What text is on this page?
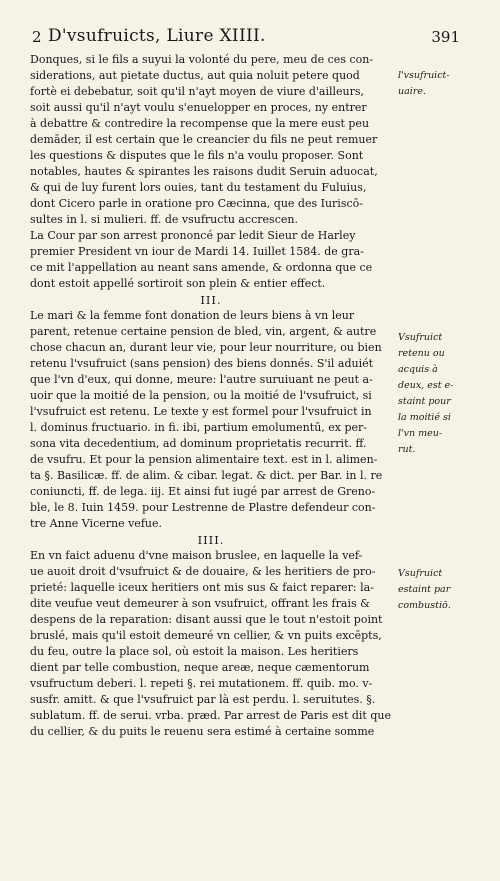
2 D'vsufruicts, Liure XIIII.	391
Donques, si le fils a suyui la volonté du pere, meu de ces con-
siderations, aut pietate ductus, aut quia noluit petere quod
fortè ei debebatur, soit qu'il n'ayt moyen de viure d'ailleurs,
soit aussi qu'il n'ayt voulu s'enuelopper en proces, ny entrer
à debattre & contredire la recompense que la mere eust peu
demāder, il est certain que le creancier du fils ne peut remuer
les questions & disputes que le fils n'a voulu proposer. Sont
notables, hautes & spirantes les raisons dudit Seruin aduocat,
& qui de luy furent lors ouies, tant du testament du Fuluius,
dont Cicero parle in oratione pro Cæcinna, que des Iuriscō-
sultes in l. si mulieri. ff. de vsufructu accrescen.
La Cour par son arrest prononcé par ledit Sieur de Harley
premier President vn iour de Mardi 14. Iuillet 1584. de gra-
ce mit l'appellation au neant sans amende, & ordonna que ce
dont estoit appellé sortiroit son plein & entier effect.
III.
Le mari & la femme font donation de leurs biens à vn leur
parent, retenue certaine pension de bled, vin, argent, & autre
chose chacun an, durant leur vie, pour leur nourriture, ou bien
retenu l'vsufruict (sans pension) des biens donnés. S'il aduiét
que l'vn d'eux, qui donne, meure: l'autre suruiuant ne peut a-
uoir que la moitié de la pension, ou la moitié de l'vsufruict, si
l'vsufruict est retenu. Le texte y est formel pour l'vsufruict in
l. dominus fructuario. in fi. ibi, partium emolumentū, ex per-
sona vita decedentium, ad dominum proprietatis recurrit. ff.
de vsufru. Et pour la pension alimentaire text. est in l. alimen-
ta §. Basilicæ. ff. de alim. & cibar. legat. & dict. per Bar. in l. re
coniuncti, ff. de lega. iij. Et ainsi fut iugé par arrest de Greno-
ble, le 8. Iuin 1459. pour Lestrenne de Plastre defendeur con-
tre Anne Vicerne vefue.
IIII.
En vn faict aduenu d'vne maison bruslee, en laquelle la vef-
ue auoit droit d'vsufruict & de douaire, & les heritiers de pro-
prieté: laquelle iceux heritiers ont mis sus & faict reparer: la-
dite veufue veut demeurer à son vsufruict, offrant les frais &
despens de la reparation: disant aussi que le tout n'estoit point
bruslé, mais qu'il estoit demeuré vn cellier, & vn puits excēpts,
du feu, outre la place sol, où estoit la maison. Les heritiers
dient par telle combustion, neque areæ, neque cæmentorum
vsufructum deberi. l. repeti §. rei mutationem. ff. quib. mo. v-
susfr. amitt. & que l'vsufruict par là est perdu. l. seruitutes. §.
sublatum. ff. de serui. vrba. præd. Par arrest de Paris est dit que
du cellier, & du puits le reuenu sera estimé à certaine somme
l'vsufruict-
uaire.
Vsufruict
retenu ou
acquis à
deux, est e-
staint pour
la moitié si
l'vn meu-
rut.
Vsufruict
estaint par
combustiō.
